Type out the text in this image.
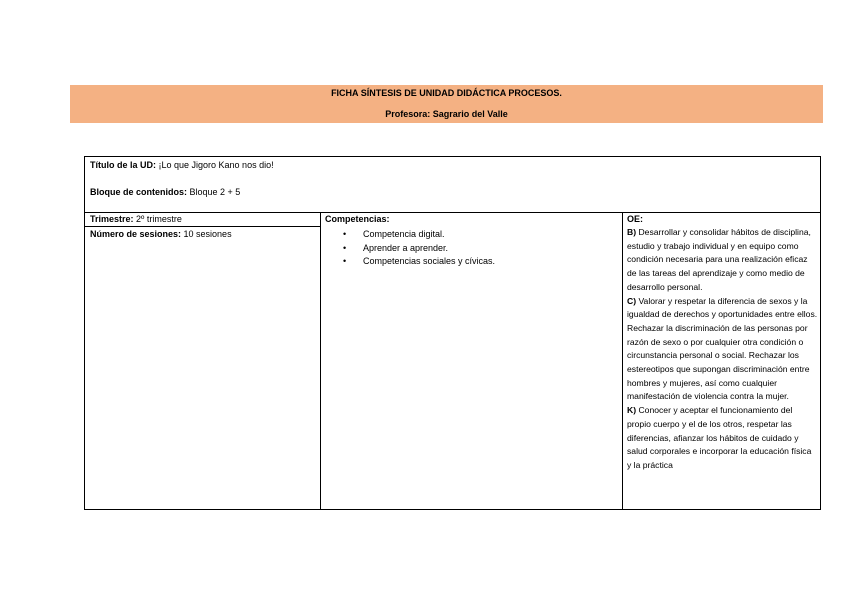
FICHA SÍNTESIS DE UNIDAD DIDÁCTICA PROCESOS.
Profesora: Sagrario del Valle
Título de la UD: ¡Lo que Jigoro Kano nos dio!
Bloque de contenidos: Bloque 2 + 5
Trimestre: 2º trimestre
Número de sesiones: 10 sesiones
Competencias:
• Competencia digital.
• Aprender a aprender.
• Competencias sociales y cívicas.
OE:
B) Desarrollar y consolidar hábitos de disciplina, estudio y trabajo individual y en equipo como condición necesaria para una realización eficaz de las tareas del aprendizaje y como medio de desarrollo personal.
C) Valorar y respetar la diferencia de sexos y la igualdad de derechos y oportunidades entre ellos. Rechazar la discriminación de las personas por razón de sexo o por cualquier otra condición o circunstancia personal o social. Rechazar los estereotipos que supongan discriminación entre hombres y mujeres, así como cualquier manifestación de violencia contra la mujer.
K) Conocer y aceptar el funcionamiento del propio cuerpo y el de los otros, respetar las diferencias, afianzar los hábitos de cuidado y salud corporales e incorporar la educación física y la práctica
